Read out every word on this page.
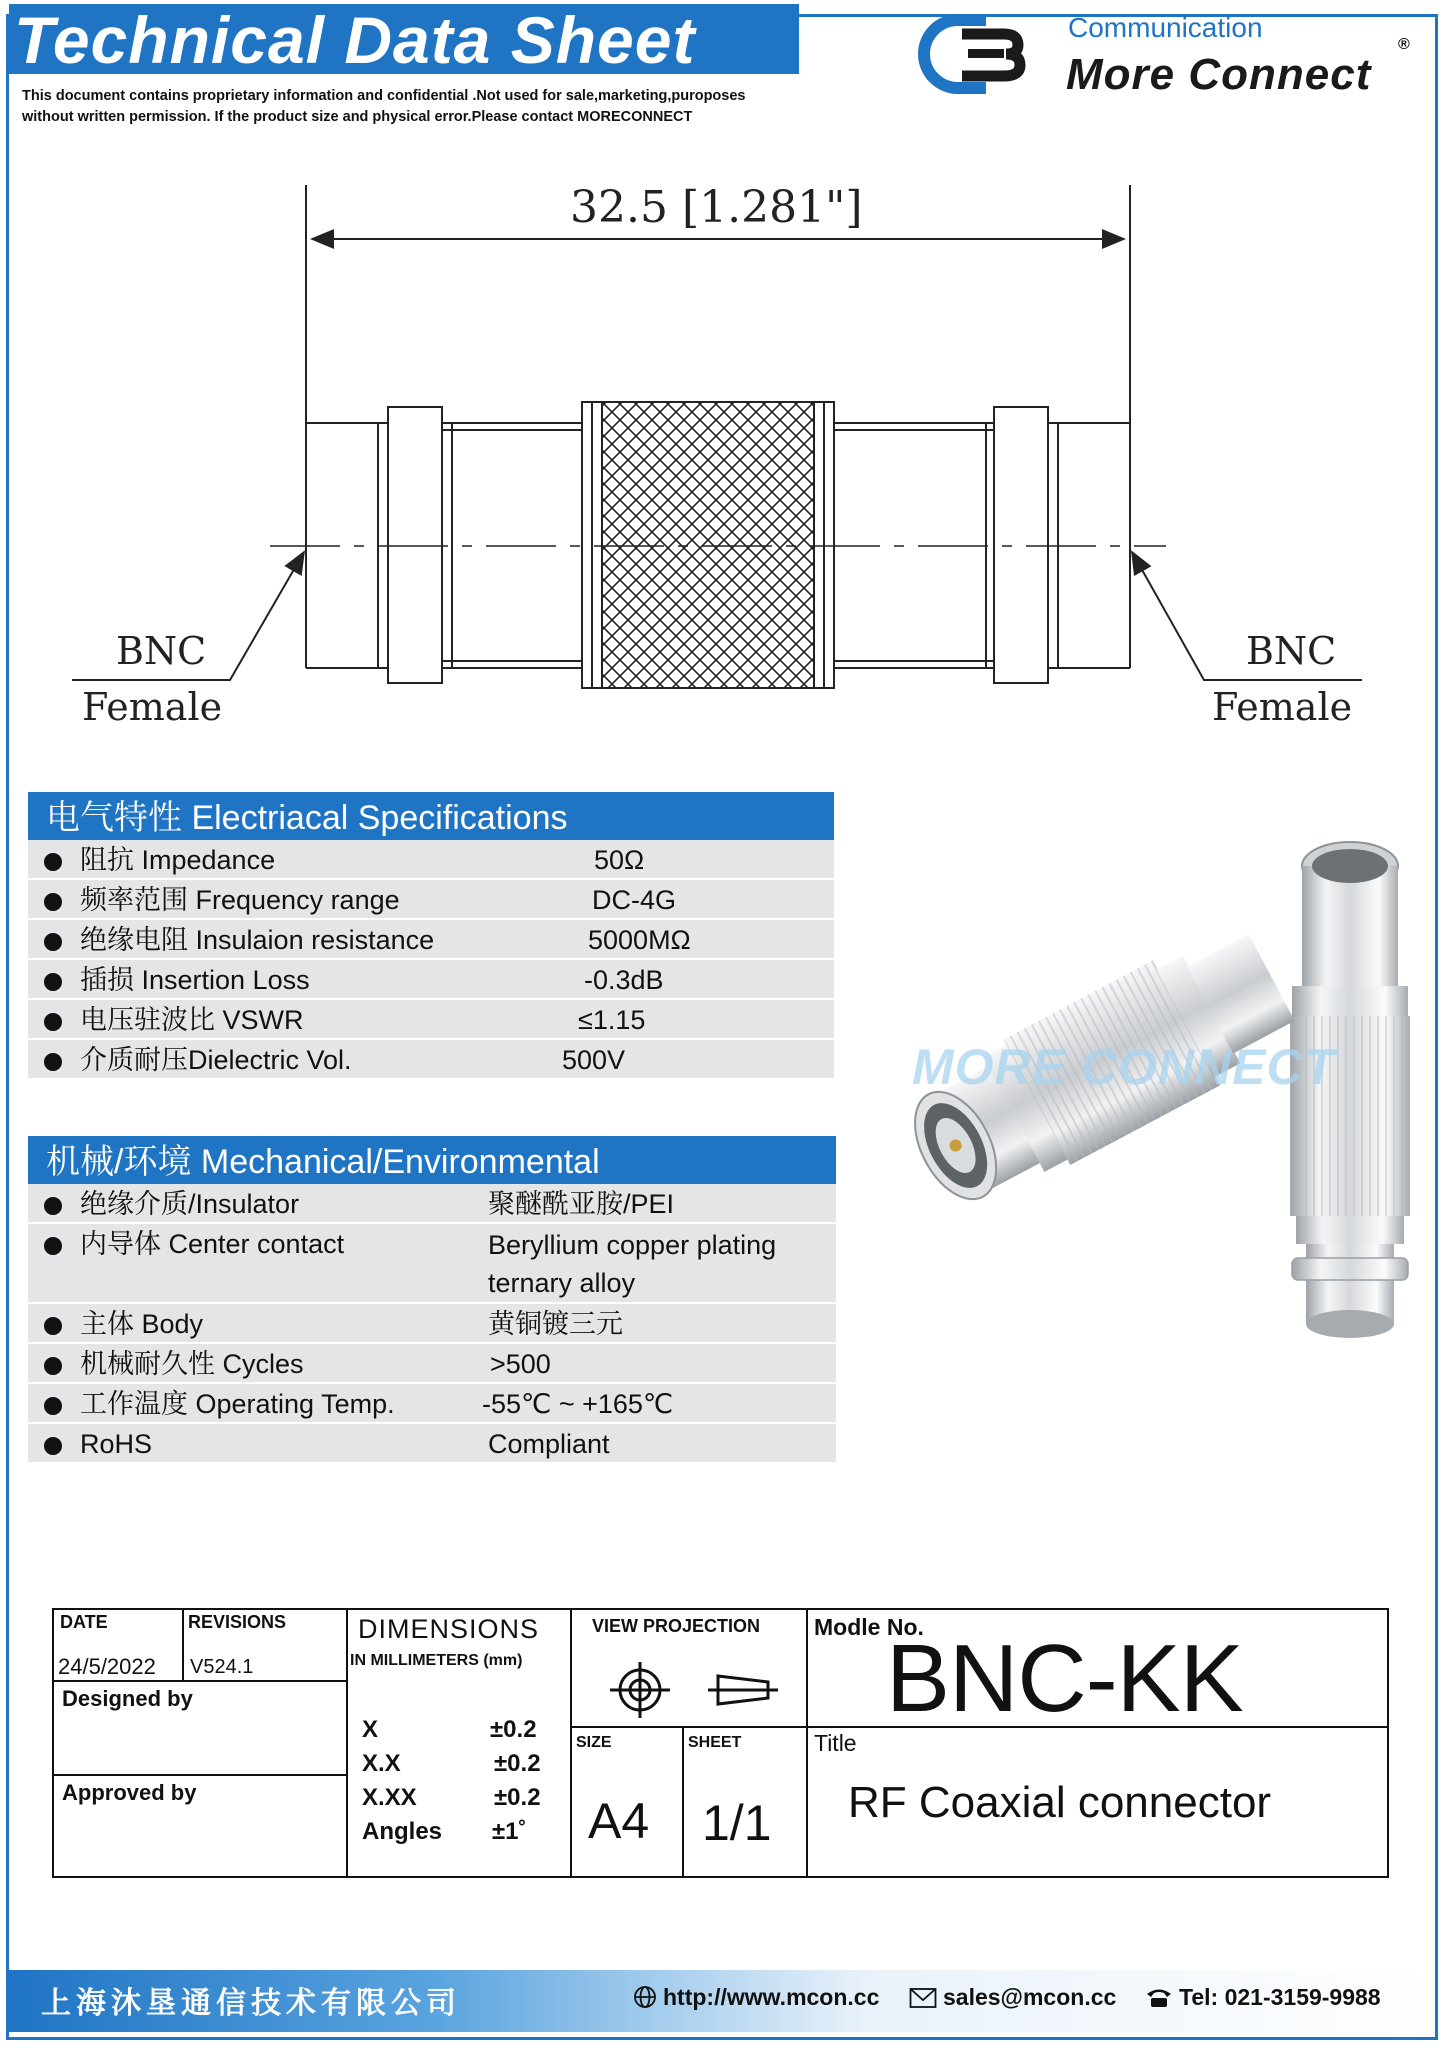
Technical Data Sheet
This document contains proprietary information and confidential .Not used for sale,marketing,puroposes
without written permission. If the product size and physical error.Please contact MORECONNECT
Communication
More Connect
®
32.5 [1.281"]
BNC
Female
BNC
Female
电气特性 Electriacal Specifications
阻抗 Impedance	50Ω
频率范围 Frequency range	DC-4G
绝缘电阻 Insulaion resistance	5000MΩ
插损 Insertion Loss	-0.3dB
电压驻波比 VSWR	≤1.15
介质耐压Dielectric Vol.	500V
机械/环境 Mechanical/Environmental
绝缘介质/Insulator	聚醚酰亚胺/PEI
内导体 Center contact	Beryllium copper plating ternary alloy
主体 Body	黄铜镀三元
机械耐久性 Cycles	>500
工作温度 Operating Temp.	-55℃ ~ +165℃
RoHS	Compliant
MORE CONNECT
DATE	REVISIONS
24/5/2022 V524.1
Designed by
Approved by
DIMENSIONS
IN MILLIMETERS (mm)
X	±0.2
X.X	±0.2
X.XX	±0.2
Angles ±1˚
VIEW PROJECTION
SIZE	SHEET
A4 1/1
Modle No.
BNC-KK
Title
RF Coaxial connector
上海沐垦通信技术有限公司	http://www.mcon.cc	sales@mcon.cc	Tel: 021-3159-9988
